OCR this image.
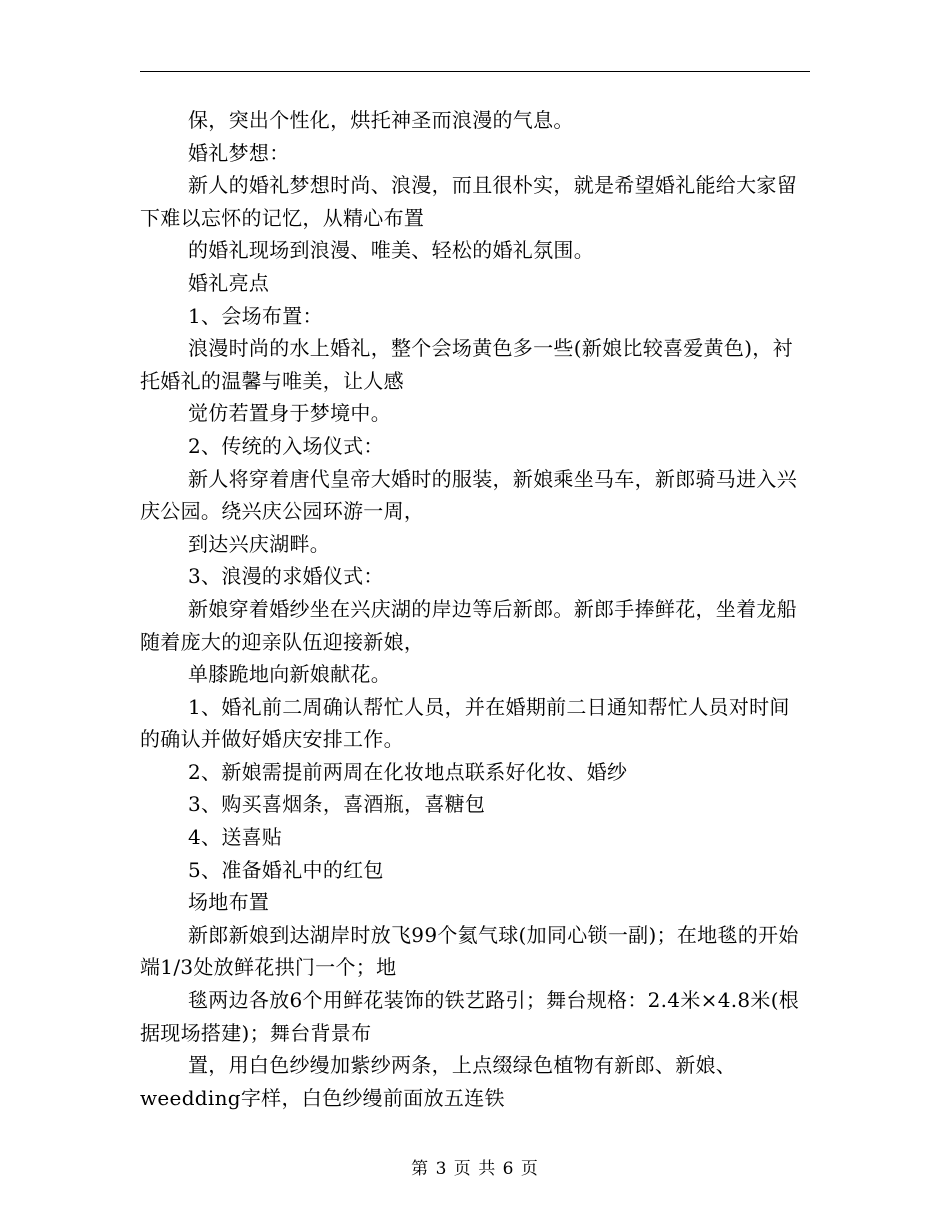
保，突出个性化，烘托神圣而浪漫的气息。

婚礼梦想：

新人的婚礼梦想时尚、浪漫，而且很朴实，就是希望婚礼能给大家留下难以忘怀的记忆，从精心布置

的婚礼现场到浪漫、唯美、轻松的婚礼氛围。

婚礼亮点

1、会场布置：

浪漫时尚的水上婚礼，整个会场黄色多一些(新娘比较喜爱黄色)，衬托婚礼的温馨与唯美，让人感

觉仿若置身于梦境中。

2、传统的入场仪式：

新人将穿着唐代皇帝大婚时的服装，新娘乘坐马车，新郎骑马进入兴庆公园。绕兴庆公园环游一周，

到达兴庆湖畔。

3、浪漫的求婚仪式：

新娘穿着婚纱坐在兴庆湖的岸边等后新郎。新郎手捧鲜花，坐着龙船随着庞大的迎亲队伍迎接新娘，

单膝跪地向新娘献花。

1、婚礼前二周确认帮忙人员，并在婚期前二日通知帮忙人员对时间的确认并做好婚庆安排工作。

2、新娘需提前两周在化妆地点联系好化妆、婚纱

3、购买喜烟条，喜酒瓶，喜糖包

4、送喜贴

5、准备婚礼中的红包

场地布置

新郎新娘到达湖岸时放飞99个氦气球(加同心锁一副)；在地毯的开始端1/3处放鲜花拱门一个；地

毯两边各放6个用鲜花装饰的铁艺路引；舞台规格：2.4米×4.8米(根据现场搭建)；舞台背景布

置，用白色纱缦加紫纱两条，上点缀绿色植物有新郎、新娘、weedding字样，白色纱缦前面放五连铁

第 3 页 共 6 页
